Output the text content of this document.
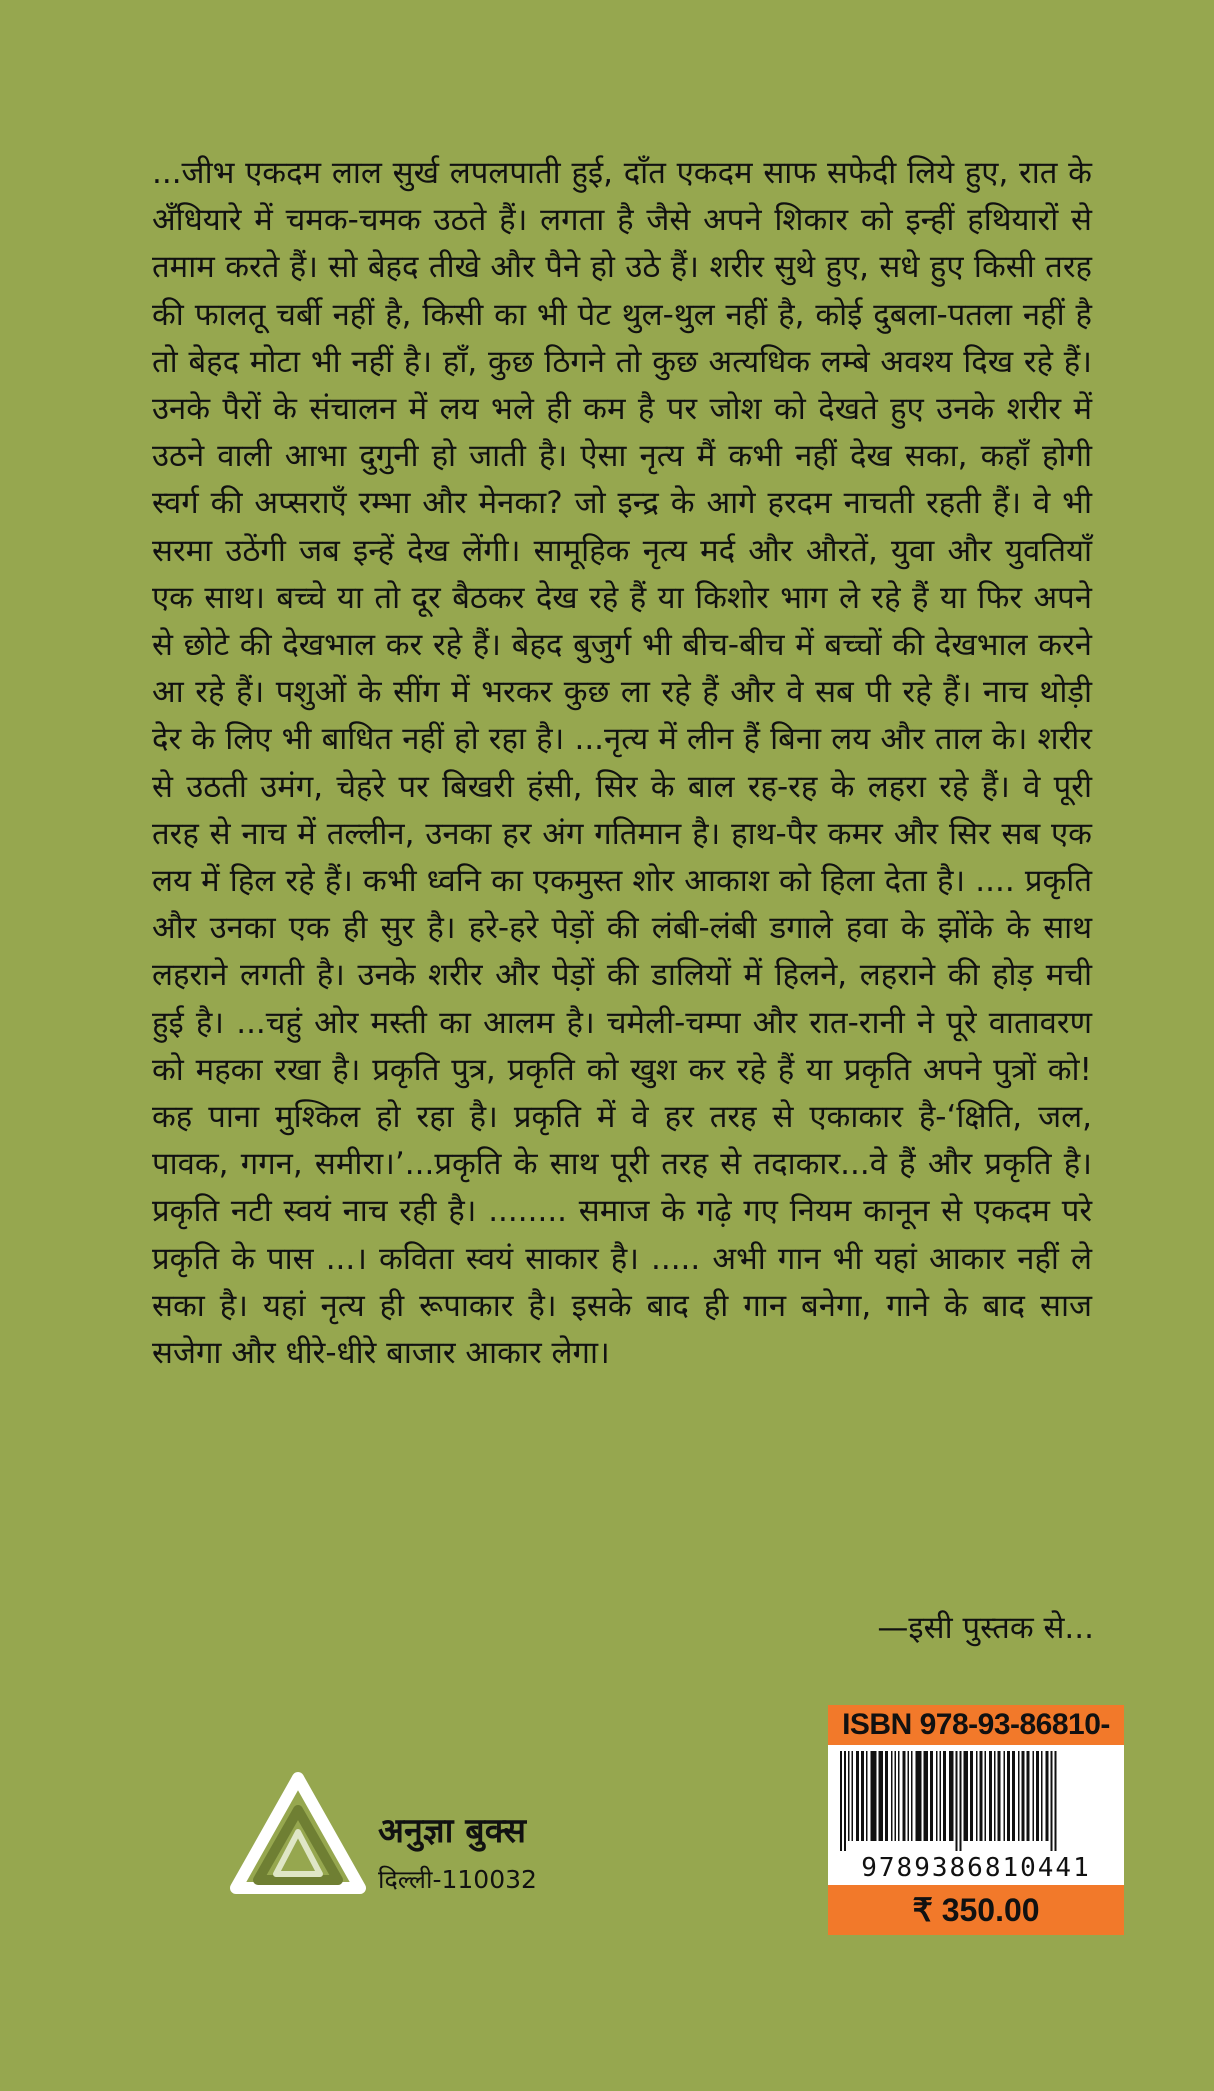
...जीभ एकदम लाल सुर्ख लपलपाती हुई, दाँत एकदम साफ सफेदी लिये हुए, रात के अँधियारे में चमक-चमक उठते हैं। लगता है जैसे अपने शिकार को इन्हीं हथियारों से तमाम करते हैं। सो बेहद तीखे और पैने हो उठे हैं। शरीर सुथे हुए, सधे हुए किसी तरह की फालतू चर्बी नहीं है, किसी का भी पेट थुल-थुल नहीं है, कोई दुबला-पतला नहीं है तो बेहद मोटा भी नहीं है। हाँ, कुछ ठिगने तो कुछ अत्यधिक लम्बे अवश्य दिख रहे हैं। उनके पैरों के संचालन में लय भले ही कम है पर जोश को देखते हुए उनके शरीर में उठने वाली आभा दुगुनी हो जाती है। ऐसा नृत्य मैं कभी नहीं देख सका, कहाँ होगी स्वर्ग की अप्सराएँ रम्भा और मेनका? जो इन्द्र के आगे हरदम नाचती रहती हैं। वे भी सरमा उठेंगी जब इन्हें देख लेंगी। सामूहिक नृत्य मर्द और औरतें, युवा और युवतियाँ एक साथ। बच्चे या तो दूर बैठकर देख रहे हैं या किशोर भाग ले रहे हैं या फिर अपने से छोटे की देखभाल कर रहे हैं। बेहद बुजुर्ग भी बीच-बीच में बच्चों की देखभाल करने आ रहे हैं। पशुओं के सींग में भरकर कुछ ला रहे हैं और वे सब पी रहे हैं। नाच थोड़ी देर के लिए भी बाधित नहीं हो रहा है। ...नृत्य में लीन हैं बिना लय और ताल के। शरीर से उठती उमंग, चेहरे पर बिखरी हंसी, सिर के बाल रह-रह के लहरा रहे हैं। वे पूरी तरह से नाच में तल्लीन, उनका हर अंग गतिमान है। हाथ-पैर कमर और सिर सब एक लय में हिल रहे हैं। कभी ध्वनि का एकमुस्त शोर आकाश को हिला देता है। .... प्रकृति और उनका एक ही सुर है। हरे-हरे पेड़ों की लंबी-लंबी डगाले हवा के झोंके के साथ लहराने लगती है। उनके शरीर और पेड़ों की डालियों में हिलने, लहराने की होड़ मची हुई है। ...चहुं ओर मस्ती का आलम है। चमेली-चम्पा और रात-रानी ने पूरे वातावरण को महका रखा है। प्रकृति पुत्र, प्रकृति को खुश कर रहे हैं या प्रकृति अपने पुत्रों को! कह पाना मुश्किल हो रहा है। प्रकृति में वे हर तरह से एकाकार है-‘क्षिति, जल, पावक, गगन, समीरा।’...प्रकृति के साथ पूरी तरह से तदाकार...वे हैं और प्रकृति है। प्रकृति नटी स्वयं नाच रही है। ........ समाज के गढ़े गए नियम कानून से एकदम परे प्रकृति के पास ...। कविता स्वयं साकार है। ..... अभी गान भी यहां आकार नहीं ले सका है। यहां नृत्य ही रूपाकार है। इसके बाद ही गान बनेगा, गाने के बाद साज सजेगा और धीरे-धीरे बाजार आकार लेगा।

—इसी पुस्तक से...

अनुज्ञा बुक्स
दिल्ली-110032
ISBN 978-93-86810-
9789386810441
₹ 350.00
